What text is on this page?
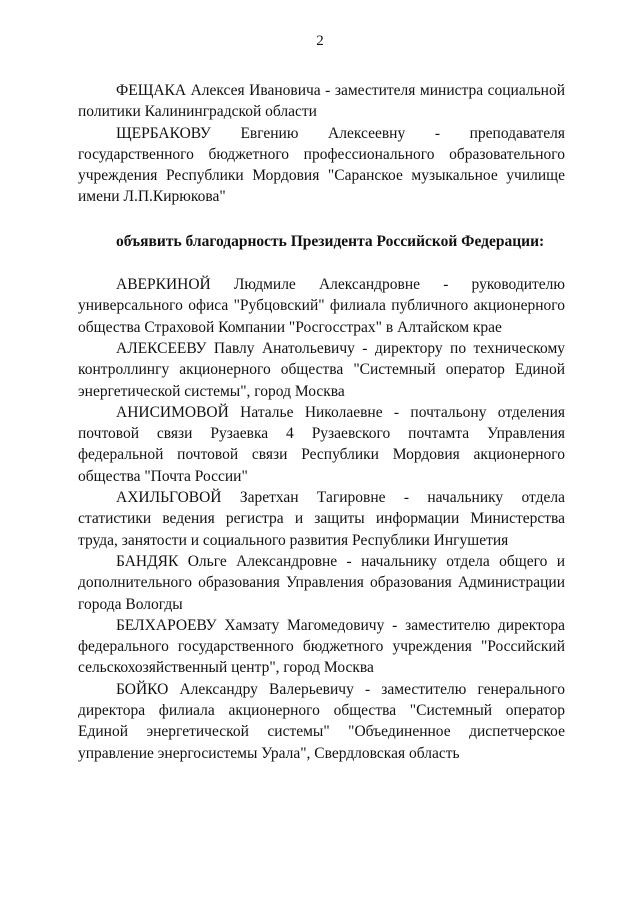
2

ФЕЩАКА Алексея Ивановича - заместителя министра социальной политики Калининградской области

ЩЕРБАКОВУ Евгению Алексеевну - преподавателя государственного бюджетного профессионального образовательного учреждения Республики Мордовия "Саранское музыкальное училище имени Л.П.Кирюкова"

объявить благодарность Президента Российской Федерации:

АВЕРКИНОЙ Людмиле Александровне - руководителю универсального офиса "Рубцовский" филиала публичного акционерного общества Страховой Компании "Росгосстрах" в Алтайском крае

АЛЕКСЕЕВУ Павлу Анатольевичу - директору по техническому контроллингу акционерного общества "Системный оператор Единой энергетической системы", город Москва

АНИСИМОВОЙ Наталье Николаевне - почтальону отделения почтовой связи Рузаевка 4 Рузаевского почтамта Управления федеральной почтовой связи Республики Мордовия акционерного общества "Почта России"

АХИЛЬГОВОЙ Заретхан Тагировне - начальнику отдела статистики ведения регистра и защиты информации Министерства труда, занятости и социального развития Республики Ингушетия

БАНДЯК Ольге Александровне - начальнику отдела общего и дополнительного образования Управления образования Администрации города Вологды

БЕЛХАРОЕВУ Хамзату Магомедовичу - заместителю директора федерального государственного бюджетного учреждения "Российский сельскохозяйственный центр", город Москва

БОЙКО Александру Валерьевичу - заместителю генерального директора филиала акционерного общества "Системный оператор Единой энергетической системы" "Объединенное диспетчерское управление энергосистемы Урала", Свердловская область
